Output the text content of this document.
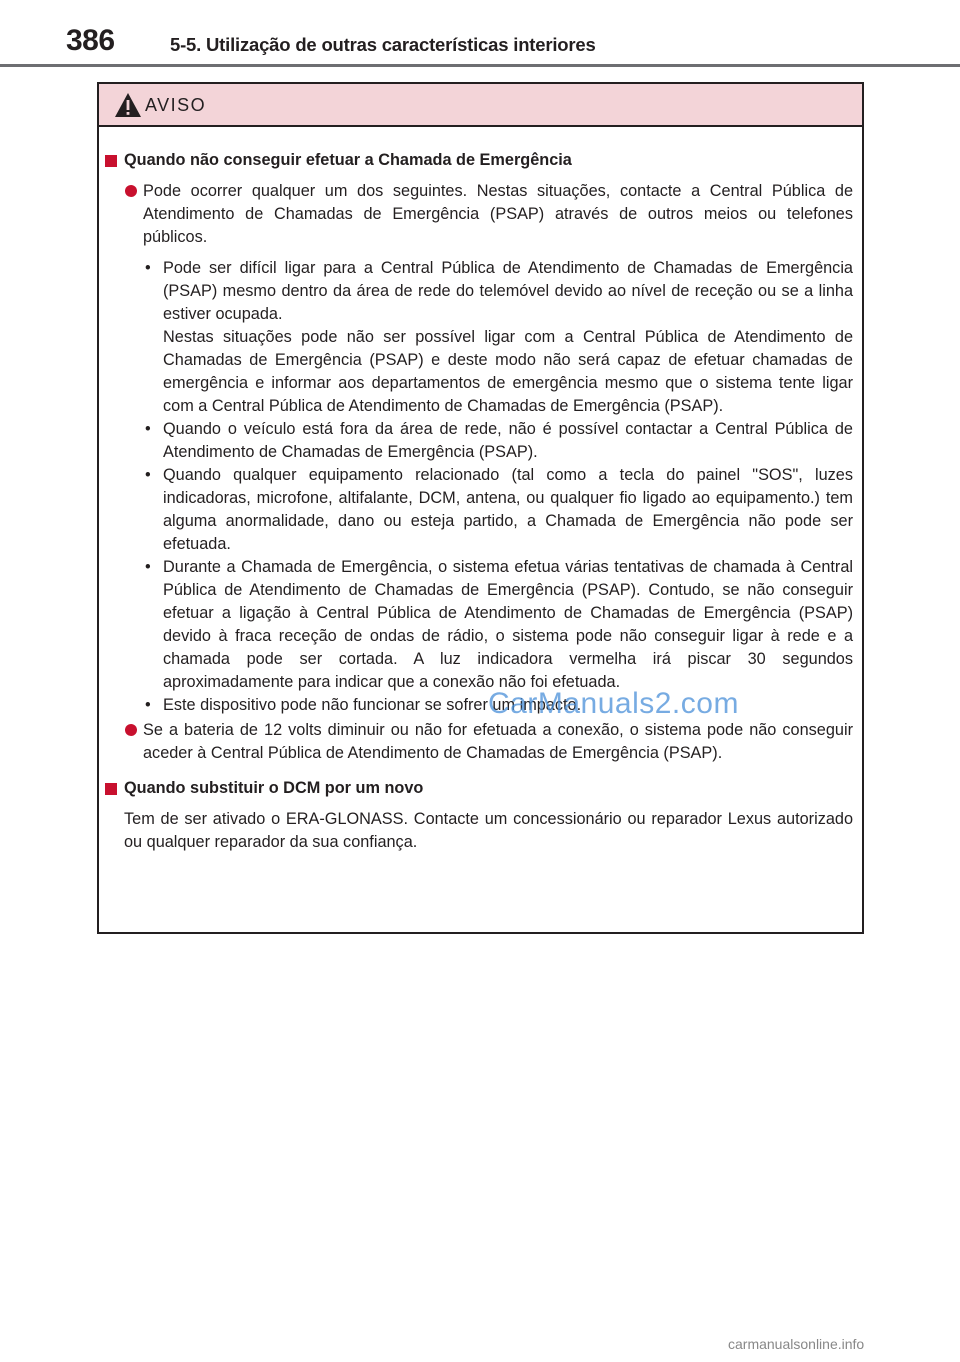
386	5-5. Utilização de outras características interiores
AVISO
Quando não conseguir efetuar a Chamada de Emergência
Pode ocorrer qualquer um dos seguintes. Nestas situações, contacte a Central Pública de Atendimento de Chamadas de Emergência (PSAP) através de outros meios ou telefones públicos.
• Pode ser difícil ligar para a Central Pública de Atendimento de Chamadas de Emergência (PSAP) mesmo dentro da área de rede do telemóvel devido ao nível de receção ou se a linha estiver ocupada.
Nestas situações pode não ser possível ligar com a Central Pública de Atendimento de Chamadas de Emergência (PSAP) e deste modo não será capaz de efetuar chamadas de emergência e informar aos departamentos de emergência mesmo que o sistema tente ligar com a Central Pública de Atendimento de Chamadas de Emergência (PSAP).
• Quando o veículo está fora da área de rede, não é possível contactar a Central Pública de Atendimento de Chamadas de Emergência (PSAP).
• Quando qualquer equipamento relacionado (tal como a tecla do painel "SOS", luzes indicadoras, microfone, altifalante, DCM, antena, ou qualquer fio ligado ao equipamento.) tem alguma anormalidade, dano ou esteja partido, a Chamada de Emergência não pode ser efetuada.
• Durante a Chamada de Emergência, o sistema efetua várias tentativas de chamada à Central Pública de Atendimento de Chamadas de Emergência (PSAP). Contudo, se não conseguir efetuar a ligação à Central Pública de Atendimento de Chamadas de Emergência (PSAP) devido à fraca receção de ondas de rádio, o sistema pode não conseguir ligar à rede e a chamada pode ser cortada. A luz indicadora vermelha irá piscar 30 segundos aproximadamente para indicar que a conexão não foi efetuada.
• Este dispositivo pode não funcionar se sofrer um impacto.
Se a bateria de 12 volts diminuir ou não for efetuada a conexão, o sistema pode não conseguir aceder à Central Pública de Atendimento de Chamadas de Emergência (PSAP).
Quando substituir o DCM por um novo
Tem de ser ativado o ERA-GLONASS. Contacte um concessionário ou reparador Lexus autorizado ou qualquer reparador da sua confiança.
CarManuals2.com
carmanualsonline.info
